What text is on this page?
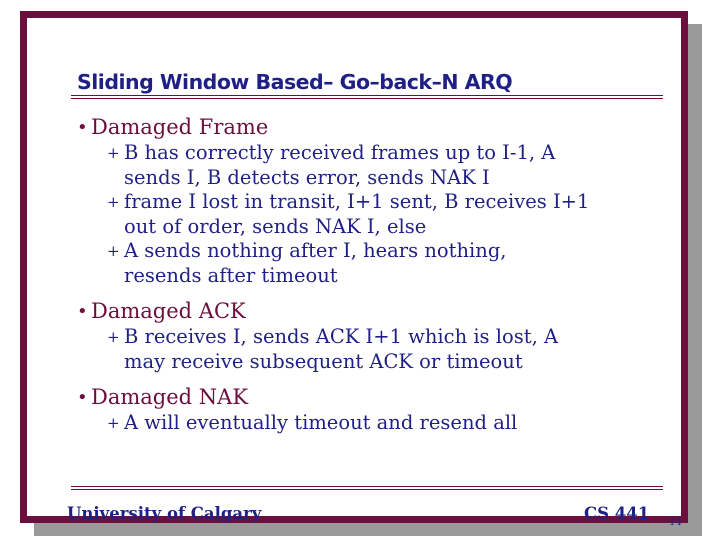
Sliding Window Based– Go–back–N ARQ
• Damaged Frame
+ B has correctly received frames up to I-1, A
sends I, B detects error, sends NAK I
+ frame I lost in transit, I+1 sent, B receives I+1
out of order, sends NAK I, else
+ A sends nothing after I, hears nothing,
resends after timeout
• Damaged ACK
+ B receives I, sends ACK I+1 which is lost, A
may receive subsequent ACK or timeout
• Damaged NAK
+ A will eventually timeout and resend all
University of Calgary	CS 441 14
